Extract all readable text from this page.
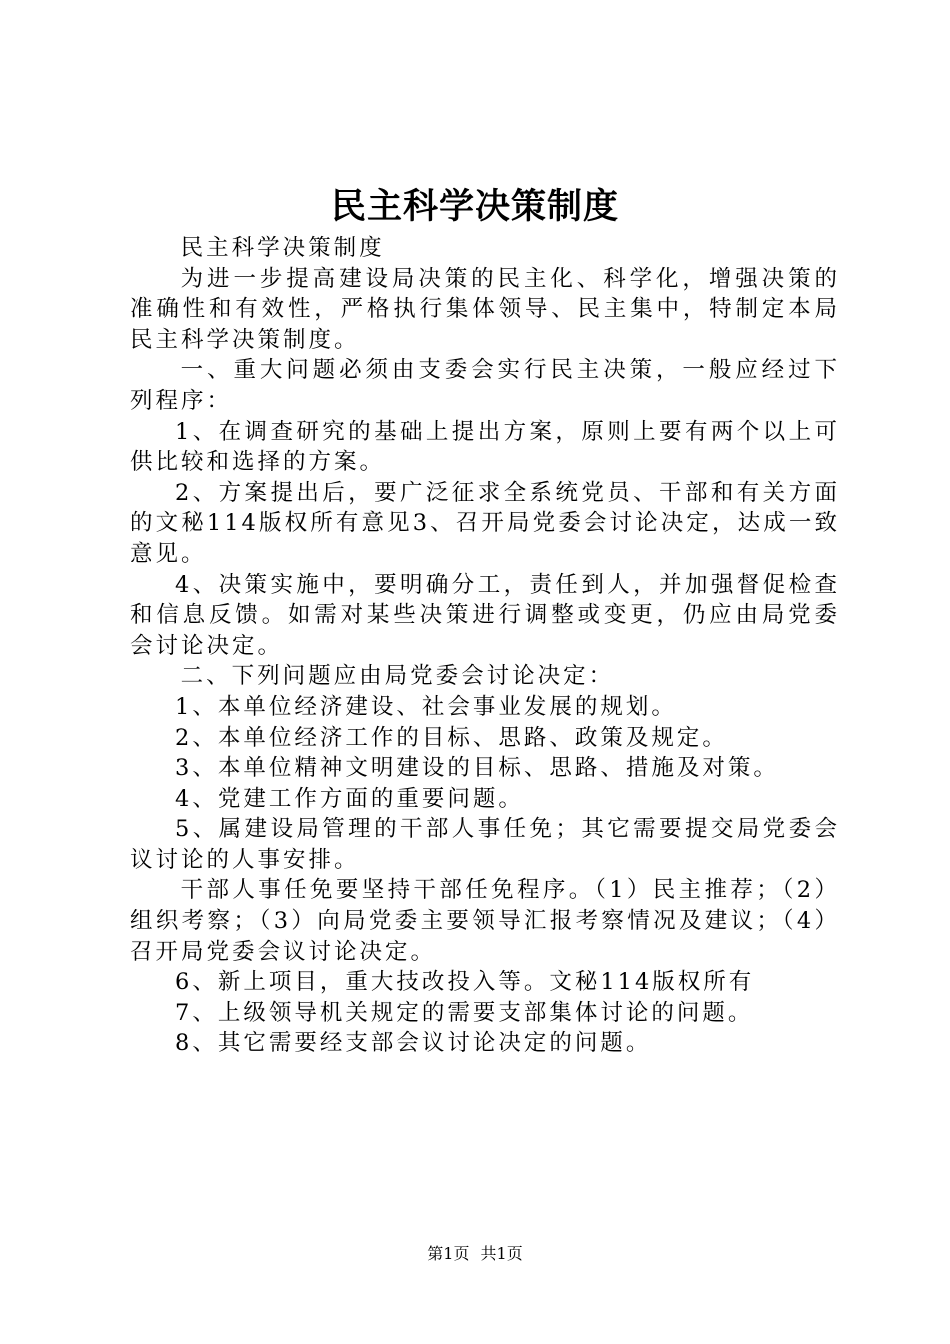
民主科学决策制度

民主科学决策制度

为进一步提高建设局决策的民主化、科学化，增强决策的准确性和有效性，严格执行集体领导、民主集中，特制定本局民主科学决策制度。

一、重大问题必须由支委会实行民主决策，一般应经过下列程序：

1、在调查研究的基础上提出方案，原则上要有两个以上可供比较和选择的方案。

2、方案提出后，要广泛征求全系统党员、干部和有关方面的文秘114版权所有意见3、召开局党委会讨论决定，达成一致意见。

4、决策实施中，要明确分工，责任到人，并加强督促检查和信息反馈。如需对某些决策进行调整或变更，仍应由局党委会讨论决定。

二、下列问题应由局党委会讨论决定：

1、本单位经济建设、社会事业发展的规划。

2、本单位经济工作的目标、思路、政策及规定。

3、本单位精神文明建设的目标、思路、措施及对策。

4、党建工作方面的重要问题。

5、属建设局管理的干部人事任免；其它需要提交局党委会议讨论的人事安排。

干部人事任免要坚持干部任免程序。（1）民主推荐；（2）组织考察；（3）向局党委主要领导汇报考察情况及建议；（4）召开局党委会议讨论决定。

6、新上项目，重大技改投入等。文秘114版权所有

7、上级领导机关规定的需要支部集体讨论的问题。

8、其它需要经支部会议讨论决定的问题。

第1页 共1页
